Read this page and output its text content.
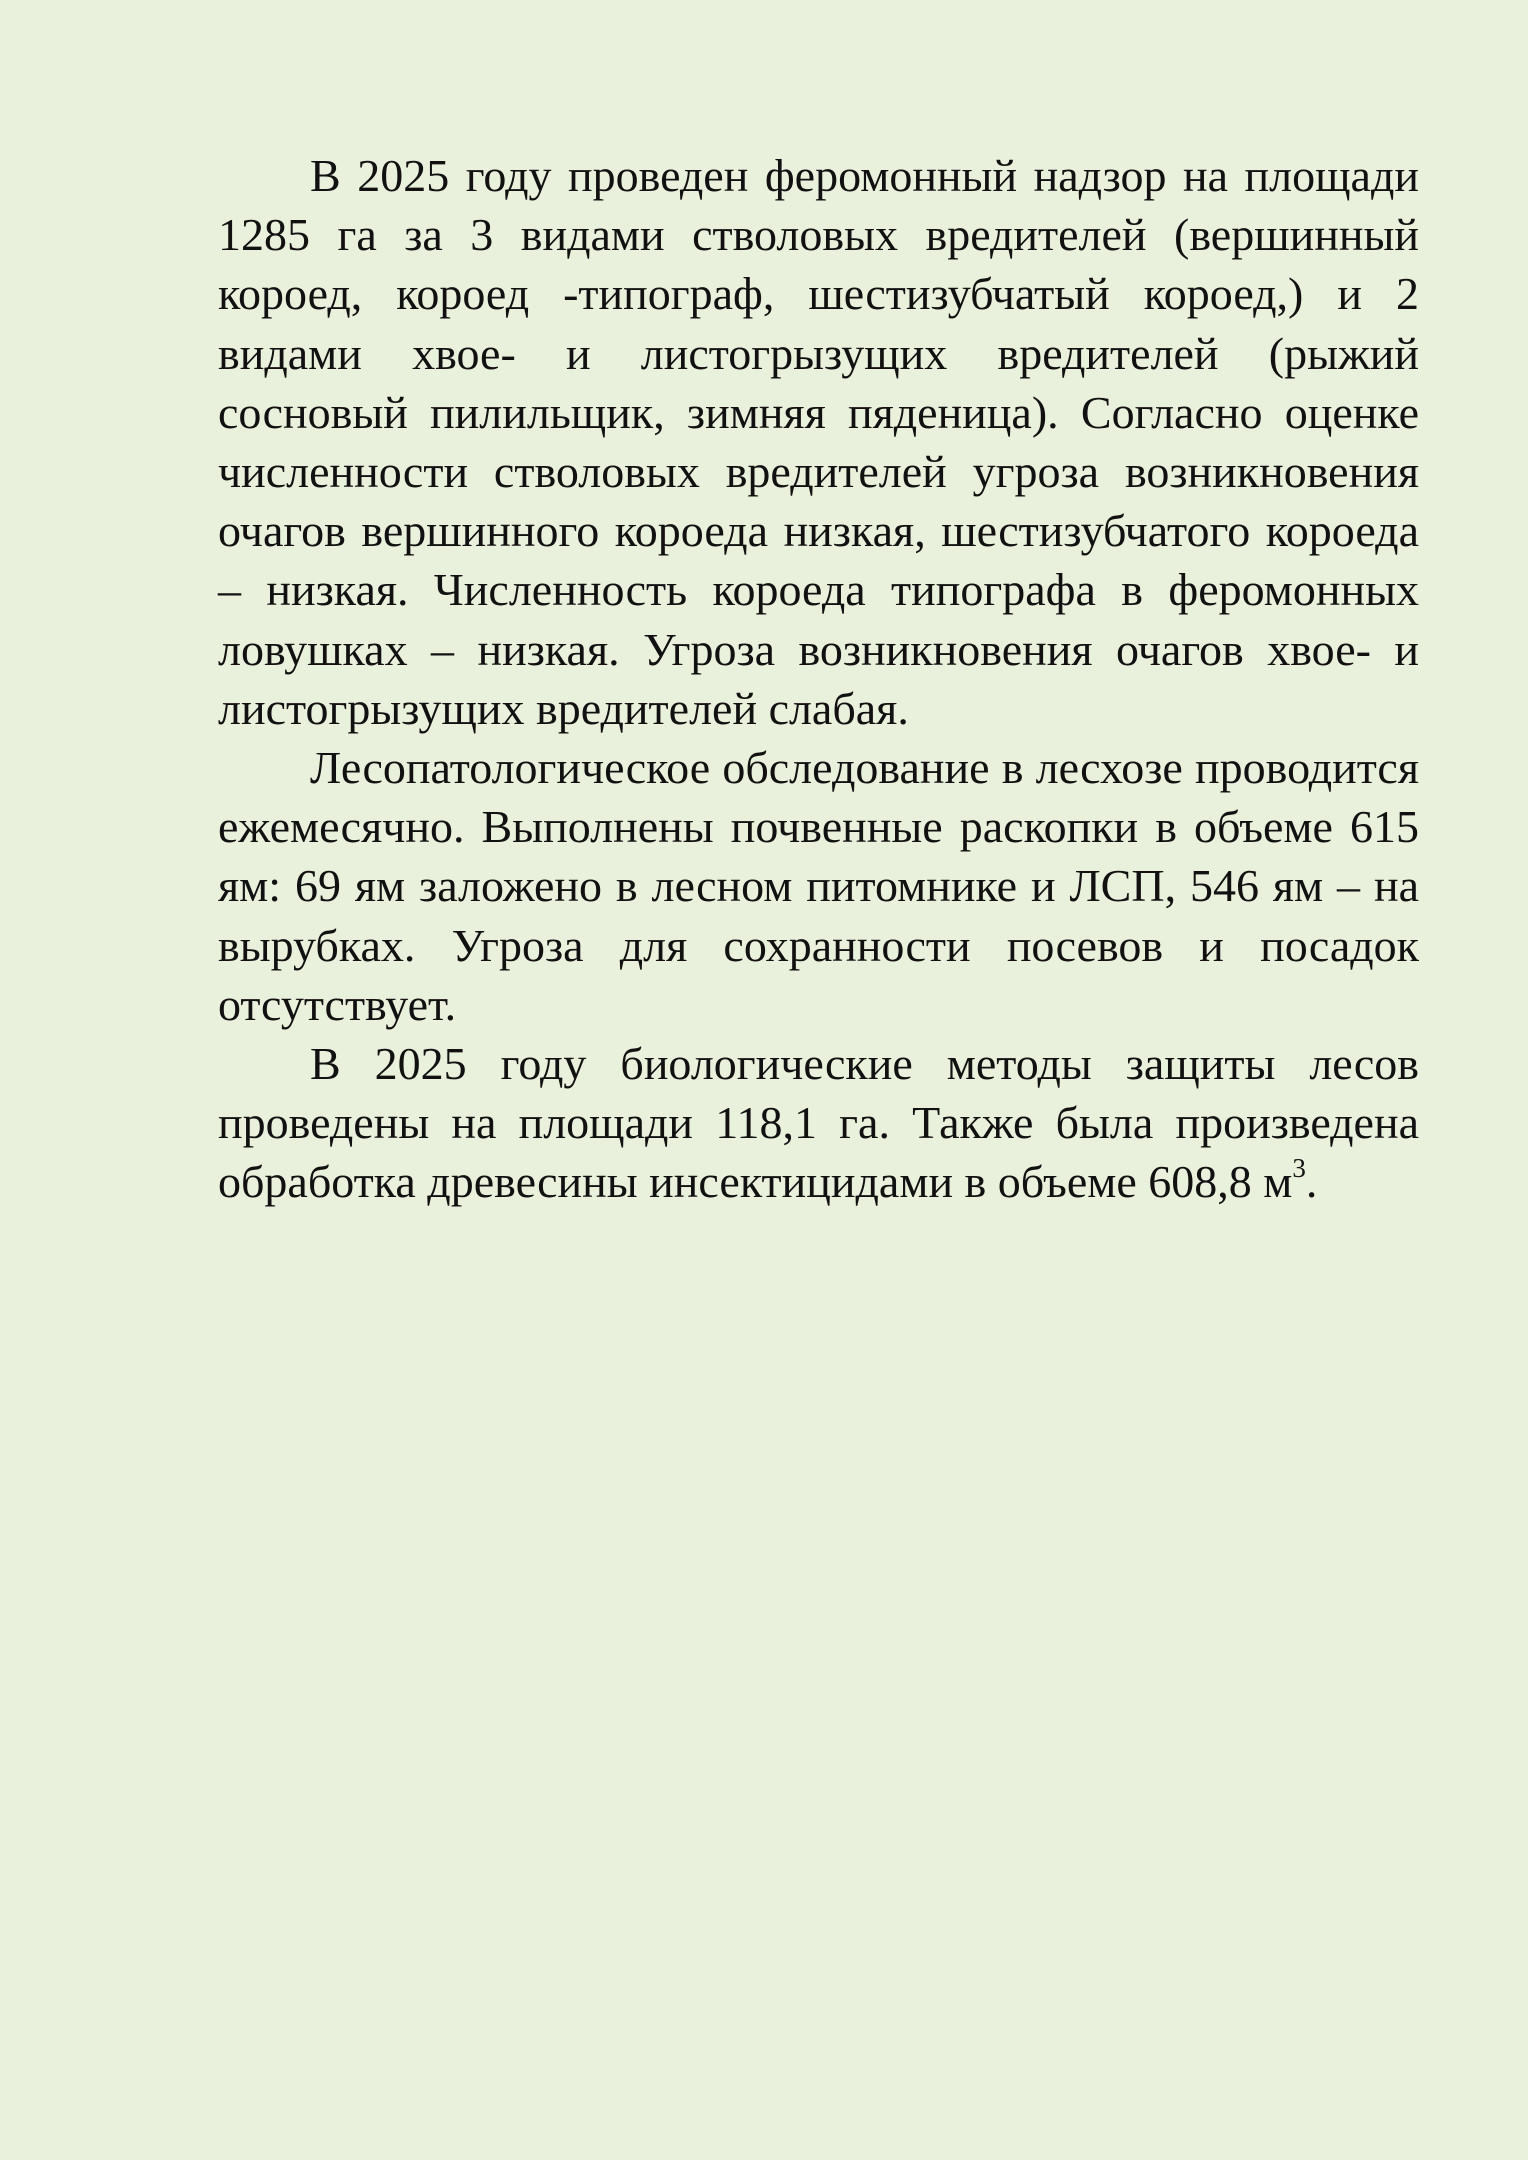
В 2025 году проведен феромонный надзор на площади 1285 га за 3 видами стволовых вредителей (вершинный короед, короед -типограф, шестизубчатый короед,) и 2 видами хвое- и листогрызущих вредителей (рыжий сосновый пилильщик, зимняя пяденица). Согласно оценке численности стволовых вредителей угроза возникновения очагов вершинного короеда низкая, шестизубчатого короеда – низкая. Численность короеда типографа в феромонных ловушках – низкая. Угроза возникновения очагов хвое- и листогрызущих вредителей слабая.

Лесопатологическое обследование в лесхозе проводится ежемесячно. Выполнены почвенные раскопки в объеме 615 ям: 69 ям заложено в лесном питомнике и ЛСП, 546 ям – на вырубках. Угроза для сохранности посевов и посадок отсутствует.

В 2025 году биологические методы защиты лесов проведены на площади 118,1 га. Также была произведена обработка древесины инсектицидами в объеме 608,8 $м^3$.
